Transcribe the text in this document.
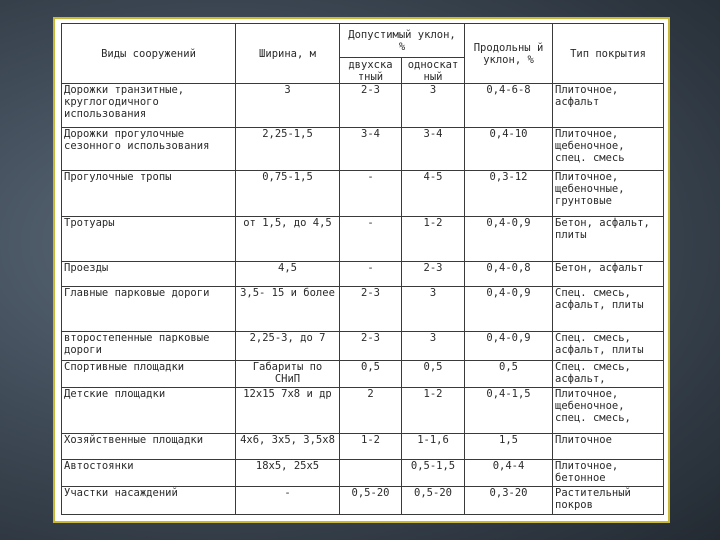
Виды сооружений	Ширина, м	Допустимый уклон, %		Продольны й уклон, %	Тип покрытия
		двухска тный	односкат ный		
Дорожки транзитные, круглогодичного использования	3	2-3	3	0,4-6-8	Плиточное, асфальт
Дорожки прогулочные сезонного использования	2,25-1,5	3-4	3-4	0,4-10	Плиточное, щебеночное, спец. смесь
Прогулочные тропы	0,75-1,5	-	4-5	0,3-12	Плиточное, щебеночные, грунтовые
Тротуары	от 1,5, до 4,5	-	1-2	0,4-0,9	Бетон, асфальт, плиты
Проезды	4,5	-	2-3	0,4-0,8	Бетон, асфальт
Главные парковые дороги	3,5- 15 и более	2-3	3	0,4-0,9	Спец. смесь, асфальт, плиты
второстепенные парковые дороги	2,25-3, до 7	2-3	3	0,4-0,9	Спец. смесь, асфальт, плиты
Спортивные площадки	Габариты по СНиП	0,5	0,5	0,5	Спец. смесь, асфальт,
Детские площадки	12х15 7х8 и др	2	1-2	0,4-1,5	Плиточное, щебеночное, спец. смесь,
Хозяйственные площадки	4х6, 3х5, 3,5х8	1-2	1-1,6	1,5	Плиточное
Автостоянки	18х5, 25х5		0,5-1,5	0,4-4	Плиточное, бетонное
Участки насаждений	-	0,5-20	0,5-20	0,3-20	Растительный покров
